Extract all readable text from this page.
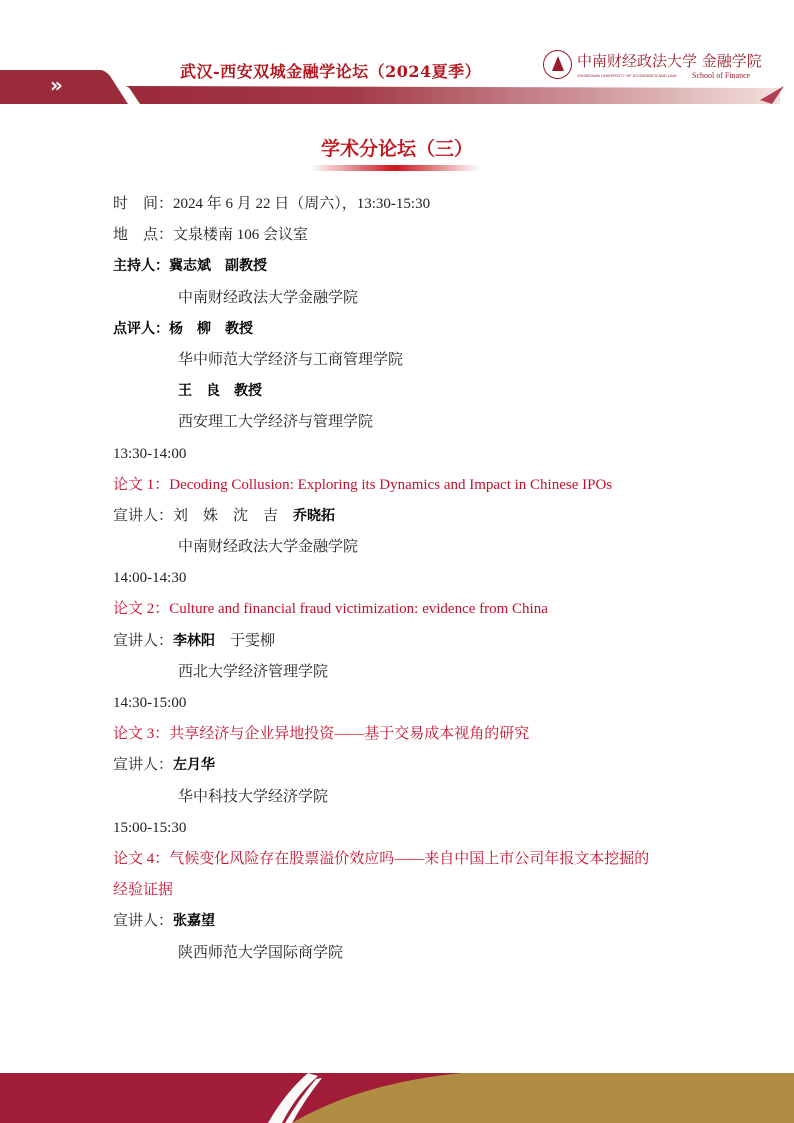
»
武汉-西安双城金融学论坛（2024夏季）
中南财经政法大学 金融学院
ZHONGNAN UNIVERSITY OF ECONOMICS AND LAW School of Finance
学术分论坛（三）
时　间：2024 年 6 月 22 日（周六），13:30-15:30
地　点：文泉楼南 106 会议室
主持人：冀志斌　副教授
中南财经政法大学金融学院
点评人：杨　柳　教授
华中师范大学经济与工商管理学院
王　良　教授
西安理工大学经济与管理学院
13:30-14:00
论文 1：Decoding Collusion: Exploring its Dynamics and Impact in Chinese IPOs
宣讲人：刘　姝　沈　吉　乔晓拓
中南财经政法大学金融学院
14:00-14:30
论文 2：Culture and financial fraud victimization: evidence from China
宣讲人：李林阳　于雯柳
西北大学经济管理学院
14:30-15:00
论文 3：共享经济与企业异地投资——基于交易成本视角的研究
宣讲人：左月华
华中科技大学经济学院
15:00-15:30
论文 4：气候变化风险存在股票溢价效应吗——来自中国上市公司年报文本挖掘的
经验证据
宣讲人：张嘉望
陕西师范大学国际商学院
